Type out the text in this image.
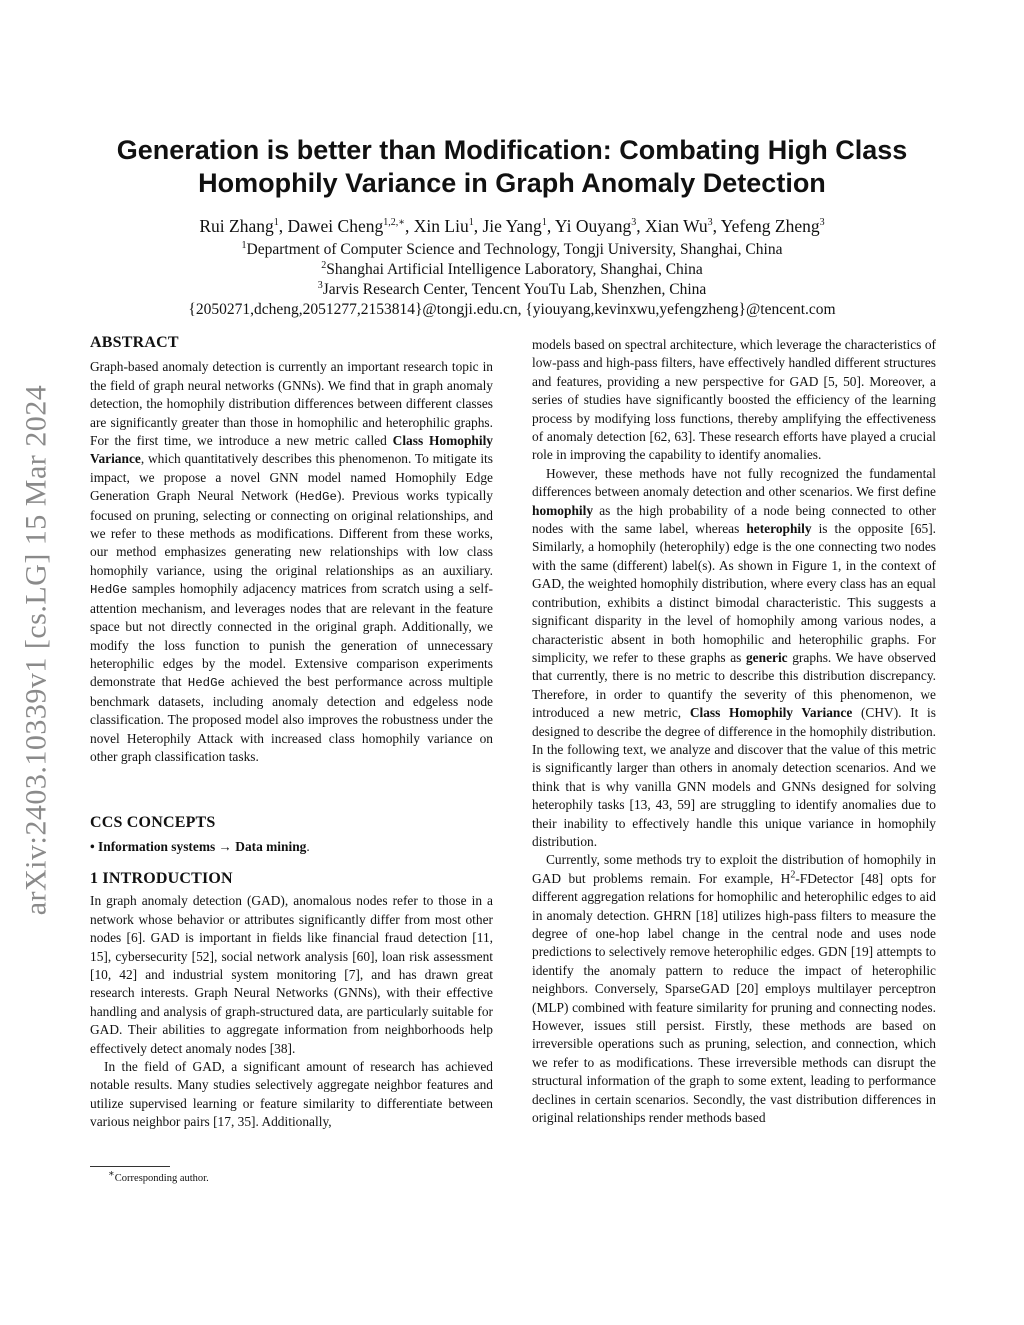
arXiv:2403.10339v1 [cs.LG] 15 Mar 2024
Generation is better than Modification: Combating High Class
Homophily Variance in Graph Anomaly Detection
Rui Zhang$^1$, Dawei Cheng$^{1,2,∗}$, Xin Liu$^1$, Jie Yang$^1$, Yi Ouyang$^3$, Xian Wu$^3$, Yefeng Zheng$^3$
$^1$Department of Computer Science and Technology, Tongji University, Shanghai, China
$^2$Shanghai Artificial Intelligence Laboratory, Shanghai, China
$^3$Jarvis Research Center, Tencent YouTu Lab, Shenzhen, China
{2050271,dcheng,2051277,2153814}@tongji.edu.cn, {yiouyang,kevinxwu,yefengzheng}@tencent.com
ABSTRACT

Graph-based anomaly detection is currently an important research topic in the field of graph neural networks (GNNs). We find that in graph anomaly detection, the homophily distribution differences between different classes are significantly greater than those in homophilic and heterophilic graphs. For the first time, we introduce a new metric called Class Homophily Variance, which quantitatively describes this phenomenon. To mitigate its impact, we propose a novel GNN model named Homophily Edge Generation Graph Neural Network (HedGe). Previous works typically focused on pruning, selecting or connecting on original relationships, and we refer to these methods as modifications. Different from these works, our method emphasizes generating new relationships with low class homophily variance, using the original relationships as an auxiliary. HedGe samples homophily adjacency matrices from scratch using a self-attention mechanism, and leverages nodes that are relevant in the feature space but not directly connected in the original graph. Additionally, we modify the loss function to punish the generation of unnecessary heterophilic edges by the model. Extensive comparison experiments demonstrate that HedGe achieved the best performance across multiple benchmark datasets, including anomaly detection and edgeless node classification. The proposed model also improves the robustness under the novel Heterophily Attack with increased class homophily variance on other graph classification tasks.

CCS CONCEPTS

• Information systems → Data mining.

1 INTRODUCTION

In graph anomaly detection (GAD), anomalous nodes refer to those in a network whose behavior or attributes significantly differ from most other nodes [6]. GAD is important in fields like financial fraud detection [11, 15], cybersecurity [52], social network analysis [60], loan risk assessment [10, 42] and industrial system monitoring [7], and has drawn great research interests. Graph Neural Networks (GNNs), with their effective handling and analysis of graph-structured data, are particularly suitable for GAD. Their abilities to aggregate information from neighborhoods help effectively detect anomaly nodes [38].

In the field of GAD, a significant amount of research has achieved notable results. Many studies selectively aggregate neighbor features and utilize supervised learning or feature similarity to differentiate between various neighbor pairs [17, 35]. Additionally,

models based on spectral architecture, which leverage the characteristics of low-pass and high-pass filters, have effectively handled different structures and features, providing a new perspective for GAD [5, 50]. Moreover, a series of studies have significantly boosted the efficiency of the learning process by modifying loss functions, thereby amplifying the effectiveness of anomaly detection [62, 63]. These research efforts have played a crucial role in improving the capability to identify anomalies.

However, these methods have not fully recognized the fundamental differences between anomaly detection and other scenarios. We first define homophily as the high probability of a node being connected to other nodes with the same label, whereas heterophily is the opposite [65]. Similarly, a homophily (heterophily) edge is the one connecting two nodes with the same (different) label(s). As shown in Figure 1, in the context of GAD, the weighted homophily distribution, where every class has an equal contribution, exhibits a distinct bimodal characteristic. This suggests a significant disparity in the level of homophily among various nodes, a characteristic absent in both homophilic and heterophilic graphs. For simplicity, we refer to these graphs as generic graphs. We have observed that currently, there is no metric to describe this distribution discrepancy. Therefore, in order to quantify the severity of this phenomenon, we introduced a new metric, Class Homophily Variance (CHV). It is designed to describe the degree of difference in the homophily distribution. In the following text, we analyze and discover that the value of this metric is significantly larger than others in anomaly detection scenarios. And we think that is why vanilla GNN models and GNNs designed for solving heterophily tasks [13, 43, 59] are struggling to identify anomalies due to their inability to effectively handle this unique variance in homophily distribution.

Currently, some methods try to exploit the distribution of homophily in GAD but problems remain. For example, $H^2$-FDetector [48] opts for different aggregation relations for homophilic and heterophilic edges to aid in anomaly detection. GHRN [18] utilizes high-pass filters to measure the degree of one-hop label change in the central node and uses node predictions to selectively remove heterophilic edges. GDN [19] attempts to identify the anomaly pattern to reduce the impact of heterophilic neighbors. Conversely, SparseGAD [20] employs multilayer perceptron (MLP) combined with feature similarity for pruning and connecting nodes. However, issues still persist. Firstly, these methods are based on irreversible operations such as pruning, selection, and connection, which we refer to as modifications. These irreversible methods can disrupt the structural information of the graph to some extent, leading to performance declines in certain scenarios. Secondly, the vast distribution differences in original relationships render methods based

∗Corresponding author.
